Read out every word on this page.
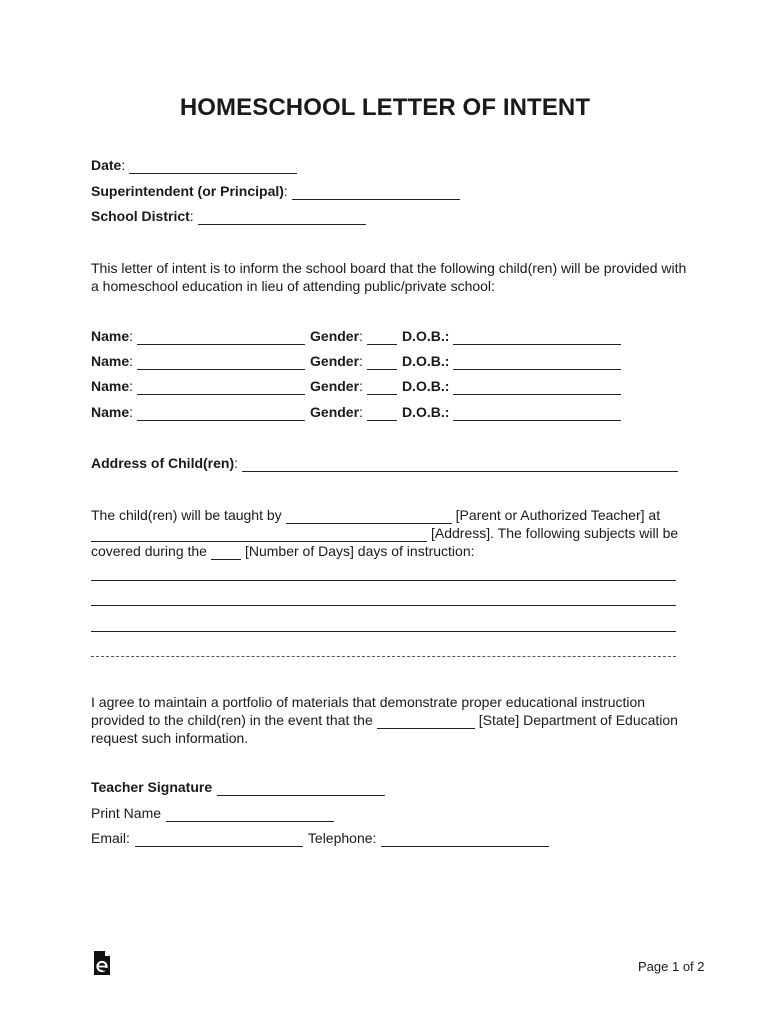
HOMESCHOOL LETTER OF INTENT
Date :
Superintendent (or Principal) :
School District :

This letter of intent is to inform the school board that the following child(ren) will be provided with

a homeschool education in lieu of attending public/private school:

Name :	Gender :	D.O.B.:
Name :	Gender :	D.O.B.:
Name :	Gender :	D.O.B.:
Name :	Gender :	D.O.B.:
Address of Child(ren) :

The child(ren) will be taught by	[Parent or Authorized Teacher] at

[Address]. The following subjects will be

covered during the	[Number of Days] days of instruction:

I agree to maintain a portfolio of materials that demonstrate proper educational instruction

provided to the child(ren) in the event that the	[State] Department of Education

request such information.

Teacher Signature
Print Name
Email:	Telephone:
Page 1 of 2
